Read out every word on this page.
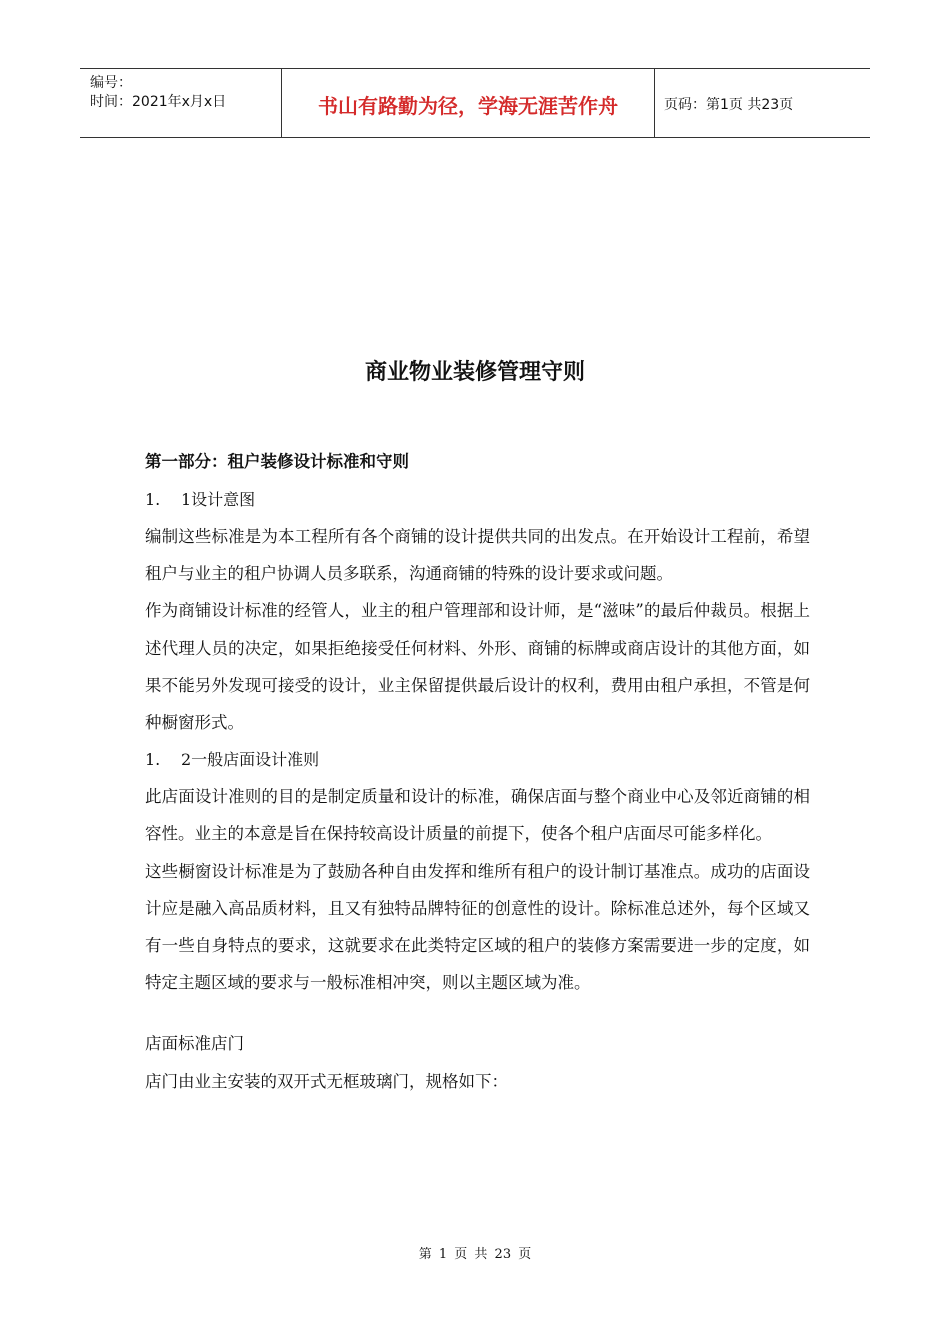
编号：
时间：2021年x月x日	书山有路勤为径，学海无涯苦作舟	页码：第1页 共23页
商业物业装修管理守则
第一部分：租户装修设计标准和守则
1. 1设计意图

编制这些标准是为本工程所有各个商铺的设计提供共同的出发点。在开始设计工程前，希望租户与业主的租户协调人员多联系，沟通商铺的特殊的设计要求或问题。

作为商铺设计标准的经管人，业主的租户管理部和设计师，是“滋味”的最后仲裁员。根据上述代理人员的决定，如果拒绝接受任何材料、外形、商铺的标牌或商店设计的其他方面，如果不能另外发现可接受的设计，业主保留提供最后设计的权利，费用由租户承担，不管是何种橱窗形式。

1. 2一般店面设计准则

此店面设计准则的目的是制定质量和设计的标准，确保店面与整个商业中心及邻近商铺的相容性。业主的本意是旨在保持较高设计质量的前提下，使各个租户店面尽可能多样化。

这些橱窗设计标准是为了鼓励各种自由发挥和维所有租户的设计制订基准点。成功的店面设计应是融入高品质材料，且又有独特品牌特征的创意性的设计。除标准总述外，每个区域又有一些自身特点的要求，这就要求在此类特定区域的租户的装修方案需要进一步的定度，如特定主题区域的要求与一般标准相冲突，则以主题区域为准。

店面标准店门

店门由业主安装的双开式无框玻璃门，规格如下：

第 1 页 共 23 页
